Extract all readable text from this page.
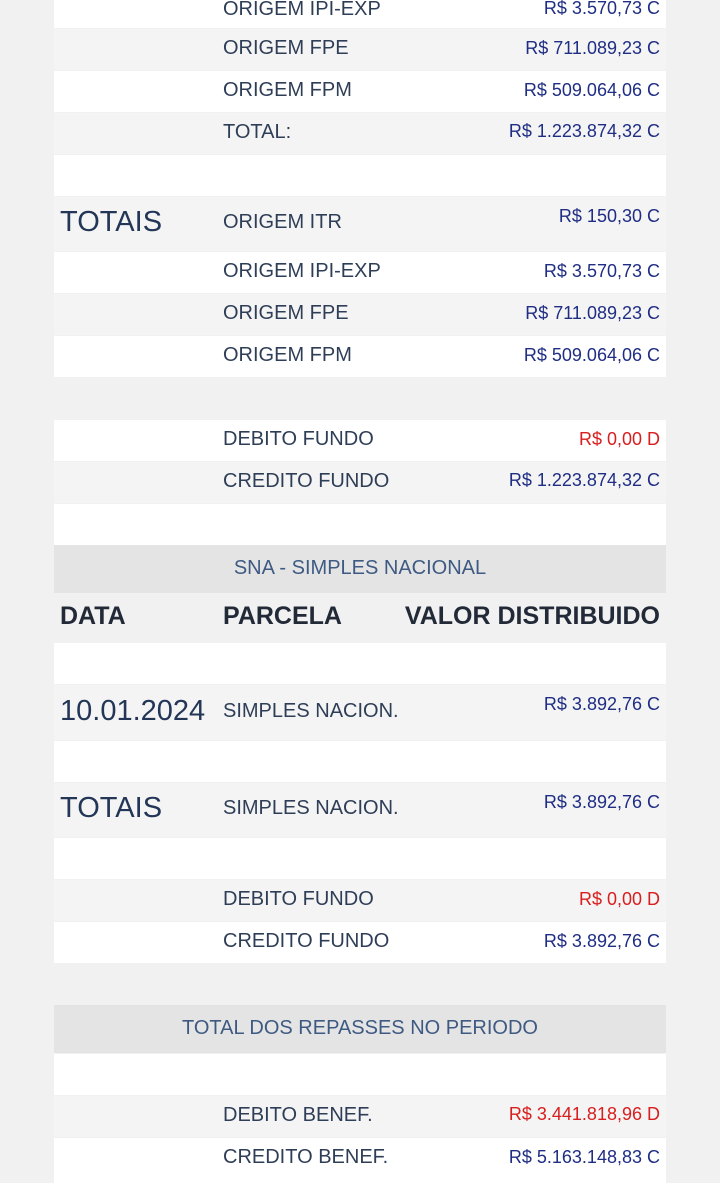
ORIGEM IPI-EXP	R$ 3.570,73 C
ORIGEM FPE	R$ 711.089,23 C
ORIGEM FPM	R$ 509.064,06 C
TOTAL:	R$ 1.223.874,32 C
TOTAIS	ORIGEM ITR	R$ 150,30 C
ORIGEM IPI-EXP	R$ 3.570,73 C
ORIGEM FPE	R$ 711.089,23 C
ORIGEM FPM	R$ 509.064,06 C
DEBITO FUNDO	R$ 0,00 D
CREDITO FUNDO	R$ 1.223.874,32 C
SNA - SIMPLES NACIONAL
DATA	PARCELA	VALOR DISTRIBUIDO
10.01.2024 SIMPLES NACION.	R$ 3.892,76 C
TOTAIS	SIMPLES NACION.	R$ 3.892,76 C
DEBITO FUNDO	R$ 0,00 D
CREDITO FUNDO	R$ 3.892,76 C
TOTAL DOS REPASSES NO PERIODO
DEBITO BENEF.	R$ 3.441.818,96 D
CREDITO BENEF.	R$ 5.163.148,83 C
